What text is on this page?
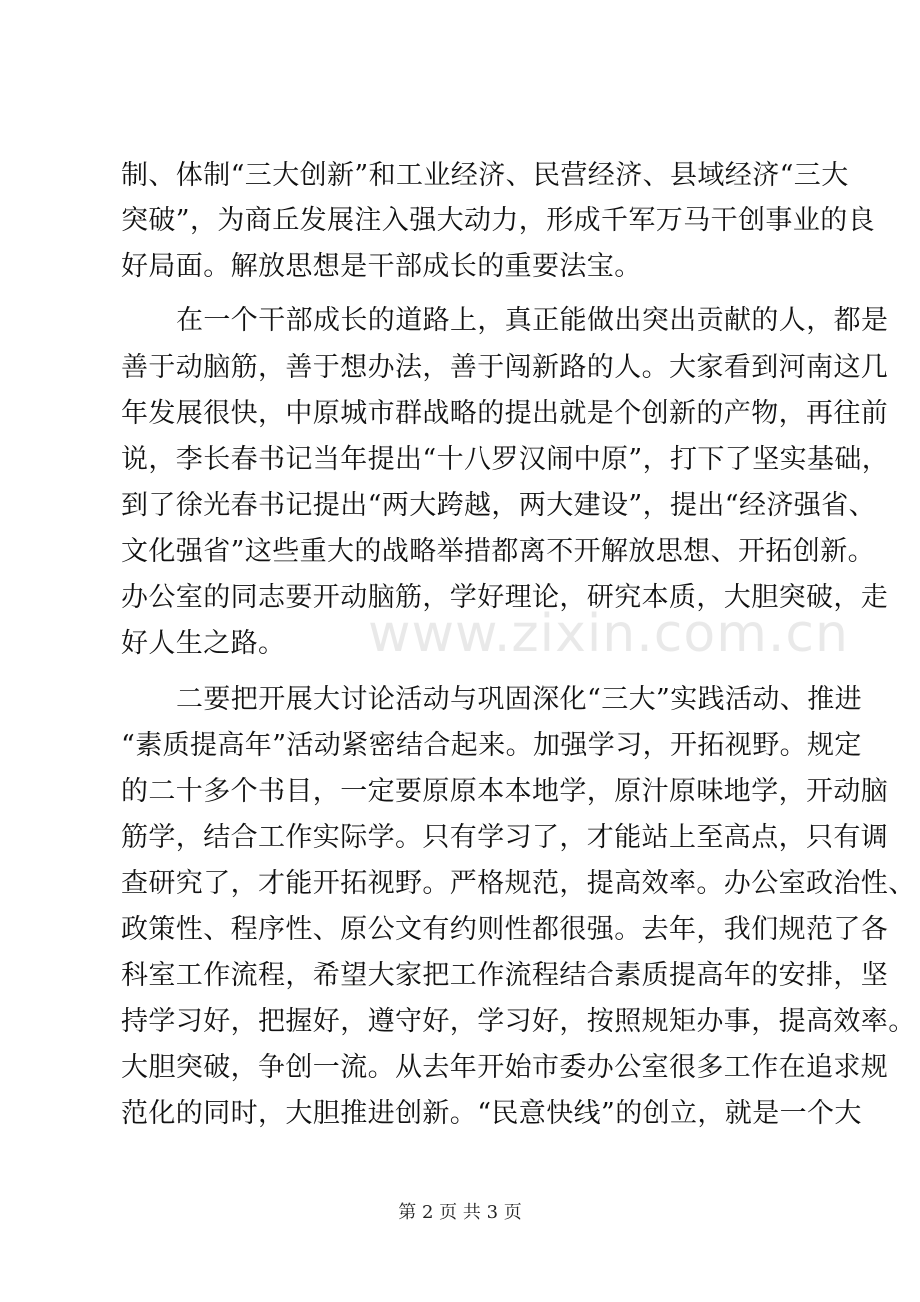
制、体制“三大创新”和工业经济、民营经济、县域经济“三大
突破”，为商丘发展注入强大动力，形成千军万马干创事业的良
好局面。解放思想是干部成长的重要法宝。
在一个干部成长的道路上，真正能做出突出贡献的人，都是
善于动脑筋，善于想办法，善于闯新路的人。大家看到河南这几
年发展很快，中原城市群战略的提出就是个创新的产物，再往前
说，李长春书记当年提出“十八罗汉闹中原”，打下了坚实基础，
到了徐光春书记提出“两大跨越，两大建设”，提出“经济强省、
文化强省”这些重大的战略举措都离不开解放思想、开拓创新。
办公室的同志要开动脑筋，学好理论，研究本质，大胆突破，走
好人生之路。
二要把开展大讨论活动与巩固深化“三大”实践活动、推进
“素质提高年”活动紧密结合起来。加强学习，开拓视野。规定
的二十多个书目，一定要原原本本地学，原汁原味地学，开动脑
筋学，结合工作实际学。只有学习了，才能站上至高点，只有调
查研究了，才能开拓视野。严格规范，提高效率。办公室政治性、
政策性、程序性、原公文有约则性都很强。去年，我们规范了各
科室工作流程，希望大家把工作流程结合素质提高年的安排，坚
持学习好，把握好，遵守好，学习好，按照规矩办事，提高效率。
大胆突破，争创一流。从去年开始市委办公室很多工作在追求规
范化的同时，大胆推进创新。“民意快线”的创立，就是一个大
www.zixin.com.cn
第 2 页 共 3 页
